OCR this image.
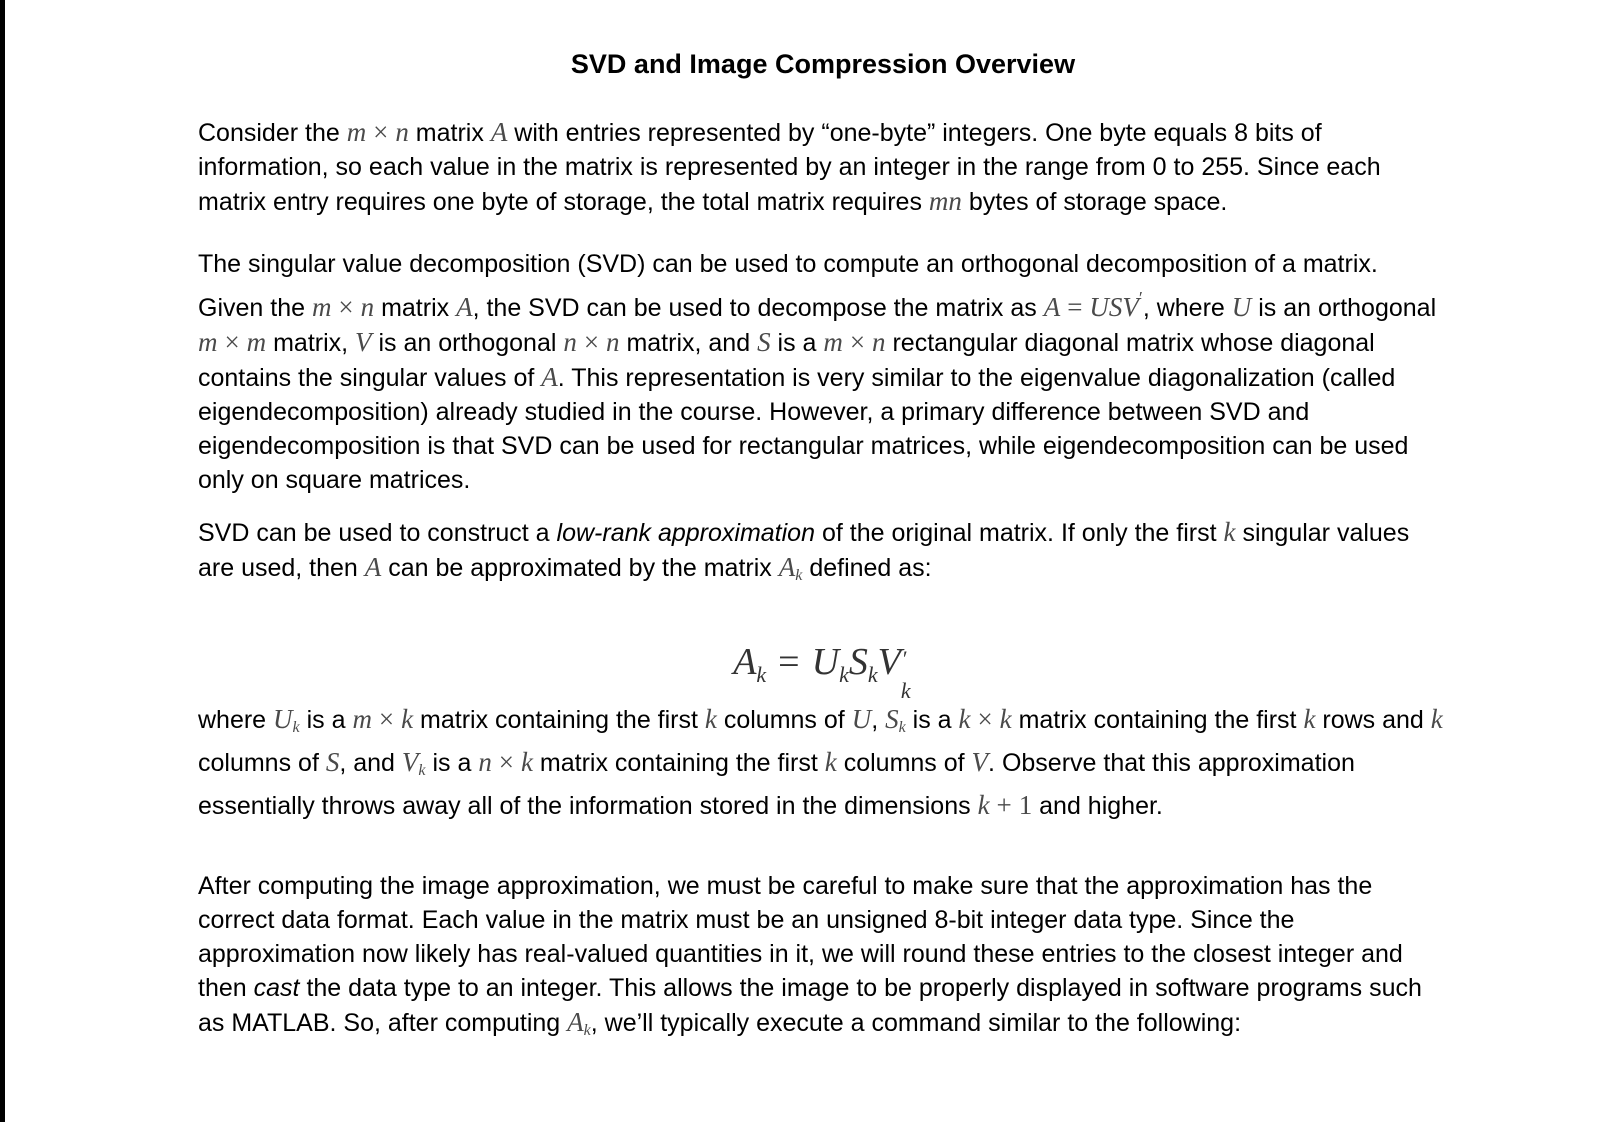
SVD and Image Compression Overview

Consider the m × n matrix A with entries represented by “one-byte” integers. One byte equals 8 bits of information, so each value in the matrix is represented by an integer in the range from 0 to 255. Since each matrix entry requires one byte of storage, the total matrix requires mn bytes of storage space.

The singular value decomposition (SVD) can be used to compute an orthogonal decomposition of a matrix. Given the m × n matrix A, the SVD can be used to decompose the matrix as A = USV′, where U is an orthogonal m × m matrix, V is an orthogonal n × n matrix, and S is a m × n rectangular diagonal matrix whose diagonal contains the singular values of A. This representation is very similar to the eigenvalue diagonalization (called eigendecomposition) already studied in the course. However, a primary difference between SVD and eigendecomposition is that SVD can be used for rectangular matrices, while eigendecomposition can be used only on square matrices.

SVD can be used to construct a low-rank approximation of the original matrix. If only the first k singular values are used, then A can be approximated by the matrix Ak defined as:

$A_k = U_kS_kV$ ′
k

where Uk is a m × k matrix containing the first k columns of U, Sk is a k × k matrix containing the first k rows and k columns of S, and Vk is a n × k matrix containing the first k columns of V. Observe that this approximation essentially throws away all of the information stored in the dimensions k + 1 and higher.

After computing the image approximation, we must be careful to make sure that the approximation has the correct data format. Each value in the matrix must be an unsigned 8-bit integer data type. Since the approximation now likely has real-valued quantities in it, we will round these entries to the closest integer and then cast the data type to an integer. This allows the image to be properly displayed in software programs such as MATLAB. So, after computing Ak, we’ll typically execute a command similar to the following:
